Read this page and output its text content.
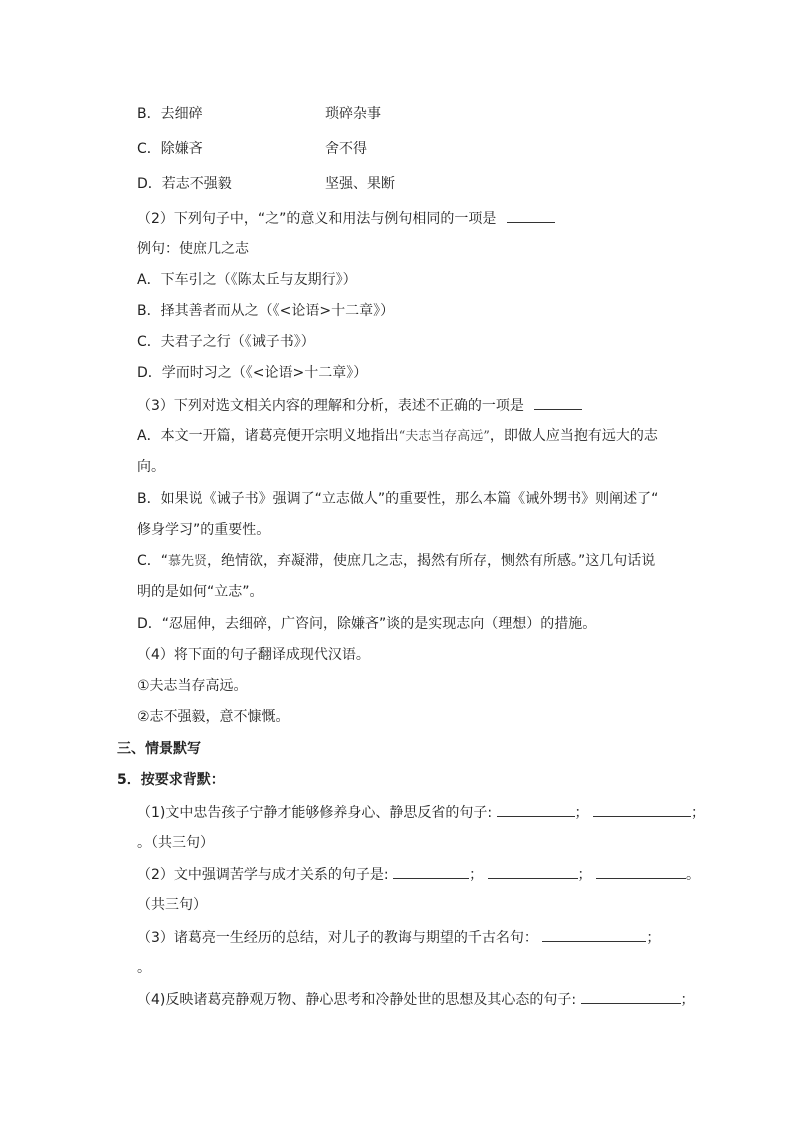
B．去细碎	琐碎杂事
C．除嫌吝	舍不得
D．若志不强毅	坚强、果断
（2）下列句子中，“之”的意义和用法与例句相同的一项是
例句：使庶几之志
A．下车引之（《陈太丘与友期行》）
B．择其善者而从之（《<论语>十二章》）
C．夫君子之行（《诫子书》）
D．学而时习之（《<论语>十二章》）
（3）下列对选文相关内容的理解和分析，表述不正确的一项是
A．本文一开篇，诸葛亮便开宗明义地指出“夫志当存高远”，即做人应当抱有远大的志
向。
B．如果说《诫子书》强调了“立志做人”的重要性，那么本篇《诫外甥书》则阐述了“
修身学习”的重要性。
C．“慕先贤，绝情欲，弃凝滞，使庶几之志，揭然有所存，恻然有所感。”这几句话说
明的是如何“立志”。
D．“忍屈伸，去细碎，广咨问，除嫌吝”谈的是实现志向（理想）的措施。
（4）将下面的句子翻译成现代汉语。
①夫志当存高远。
②志不强毅，意不慷慨。
三、情景默写
5．按要求背默：
（1)文中忠告孩子宁静才能够修养身心、静思反省的句子:	；	；
。（共三句）
（2）文中强调苦学与成才关系的句子是:	；	；	。
（共三句）
（3）诸葛亮一生经历的总结，对儿子的教诲与期望的千古名句：	；
。
（4)反映诸葛亮静观万物、静心思考和冷静处世的思想及其心态的句子:	；
